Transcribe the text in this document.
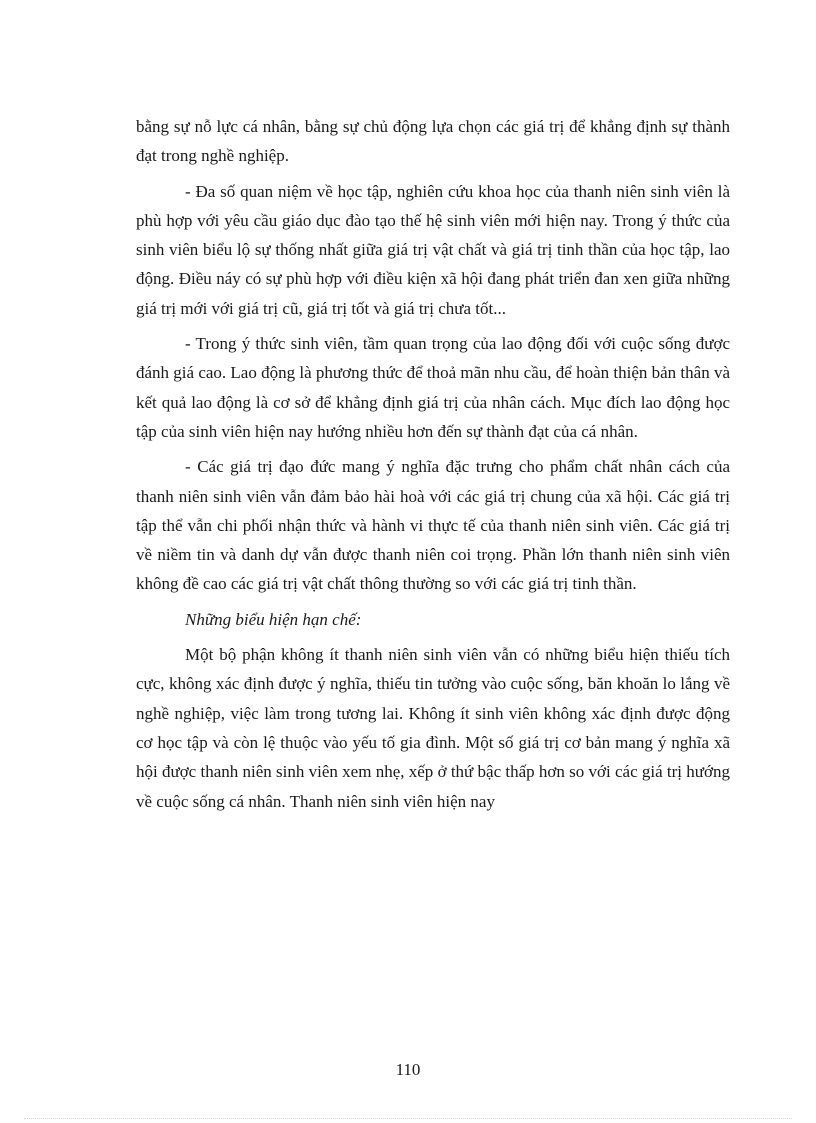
bằng sự nỗ lực cá nhân, bằng sự chủ động lựa chọn các giá trị để khẳng định sự thành đạt trong nghề nghiệp.

- Đa số quan niệm về học tập, nghiên cứu khoa học của thanh niên sinh viên là phù hợp với yêu cầu giáo dục đào tạo thế hệ sinh viên mới hiện nay. Trong ý thức của sinh viên biểu lộ sự thống nhất giữa giá trị vật chất và giá trị tinh thần của học tập, lao động. Điều náy có sự phù hợp với điều kiện xã hội đang phát triển đan xen giữa những giá trị mới với giá trị cũ, giá trị tốt và giá trị chưa tốt...

- Trong ý thức sinh viên, tầm quan trọng của lao động đối với cuộc sống được đánh giá cao. Lao động là phương thức để thoả mãn nhu cầu, để hoàn thiện bản thân và kết quả lao động là cơ sở để khẳng định giá trị của nhân cách. Mục đích lao động học tập của sinh viên hiện nay hướng nhiều hơn đến sự thành đạt của cá nhân.

- Các giá trị đạo đức mang ý nghĩa đặc trưng cho phẩm chất nhân cách của thanh niên sinh viên vẫn đảm bảo hài hoà với các giá trị chung của xã hội. Các giá trị tập thể vẫn chi phối nhận thức và hành vi thực tế của thanh niên sinh viên. Các giá trị về niềm tin và danh dự vẫn được thanh niên coi trọng. Phần lớn thanh niên sinh viên không đề cao các giá trị vật chất thông thường so với các giá trị tinh thần.

Những biểu hiện hạn chế:

Một bộ phận không ít thanh niên sinh viên vẫn có những biểu hiện thiếu tích cực, không xác định được ý nghĩa, thiếu tin tưởng vào cuộc sống, băn khoăn lo lắng về nghề nghiệp, việc làm trong tương lai. Không ít sinh viên không xác định được động cơ học tập và còn lệ thuộc vào yếu tố gia đình. Một số giá trị cơ bản mang ý nghĩa xã hội được thanh niên sinh viên xem nhẹ, xếp ở thứ bậc thấp hơn so với các giá trị hướng về cuộc sống cá nhân. Thanh niên sinh viên hiện nay

110
